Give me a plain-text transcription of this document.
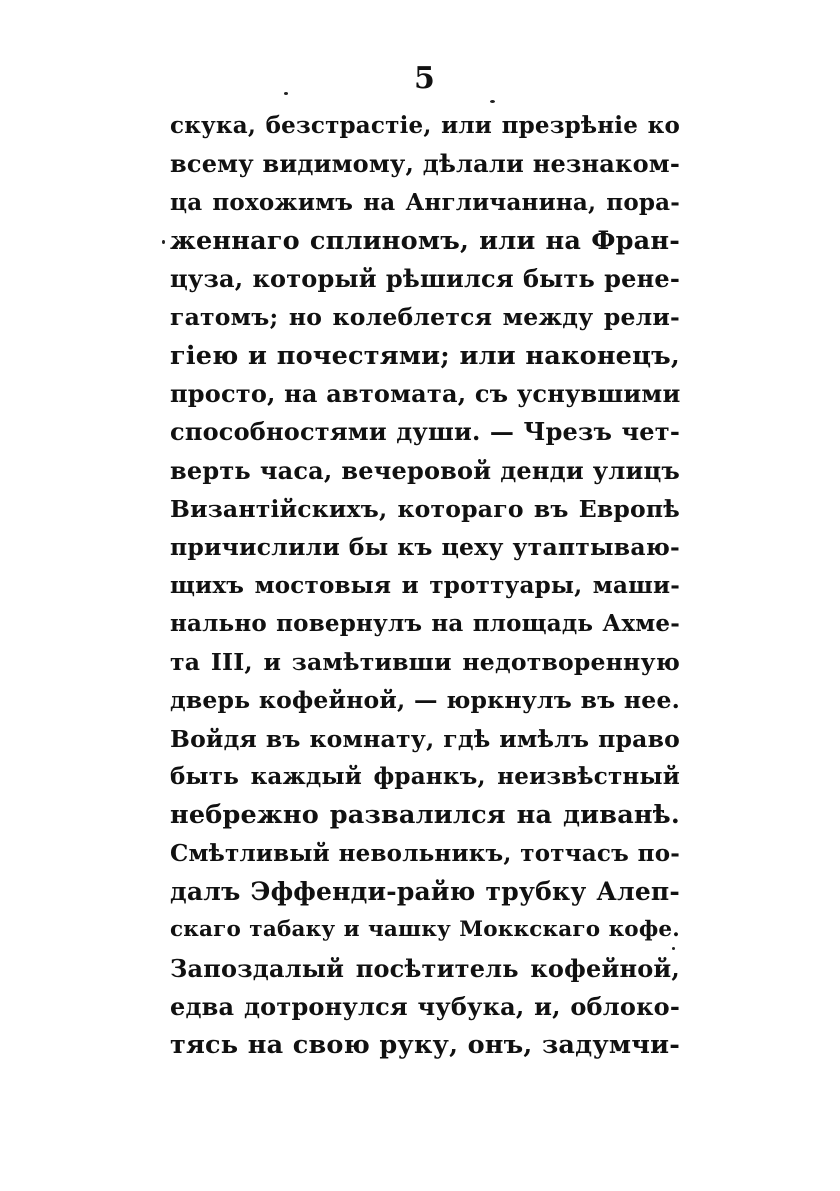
5
скука, безстрастіе, или презрѣніе ко
всему видимому, дѣлали незнаком-
ца похожимъ на Англичанина, пора-
женнаго сплиномъ, или на Фран-
цуза, который рѣшился быть рене-
гатомъ; но колеблется между рели-
гіею и почестями; или наконецъ,
просто, на автомата, съ уснувшими
способностями души. — Чрезъ чет-
верть часа, вечеровой денди улицъ
Византійскихъ, котораго въ Европѣ
причислили бы къ цеху утаптываю-
щихъ мостовыя и троттуары, маши-
нально повернулъ на площадь Ахме-
та III, и замѣтивши недотворенную
дверь кофейной, — юркнулъ въ нее.
Войдя въ комнату, гдѣ имѣлъ право
быть каждый франкъ, неизвѣстный
небрежно развалился на диванѣ.
Смѣтливый невольникъ, тотчасъ по-
далъ Эффенди-райю трубку Алеп-
скаго табаку и чашку Моккскаго кофе.
Запоздалый посѣтитель кофейной,
едва дотронулся чубука, и, облоко-
тясь на свою руку, онъ, задумчи-
